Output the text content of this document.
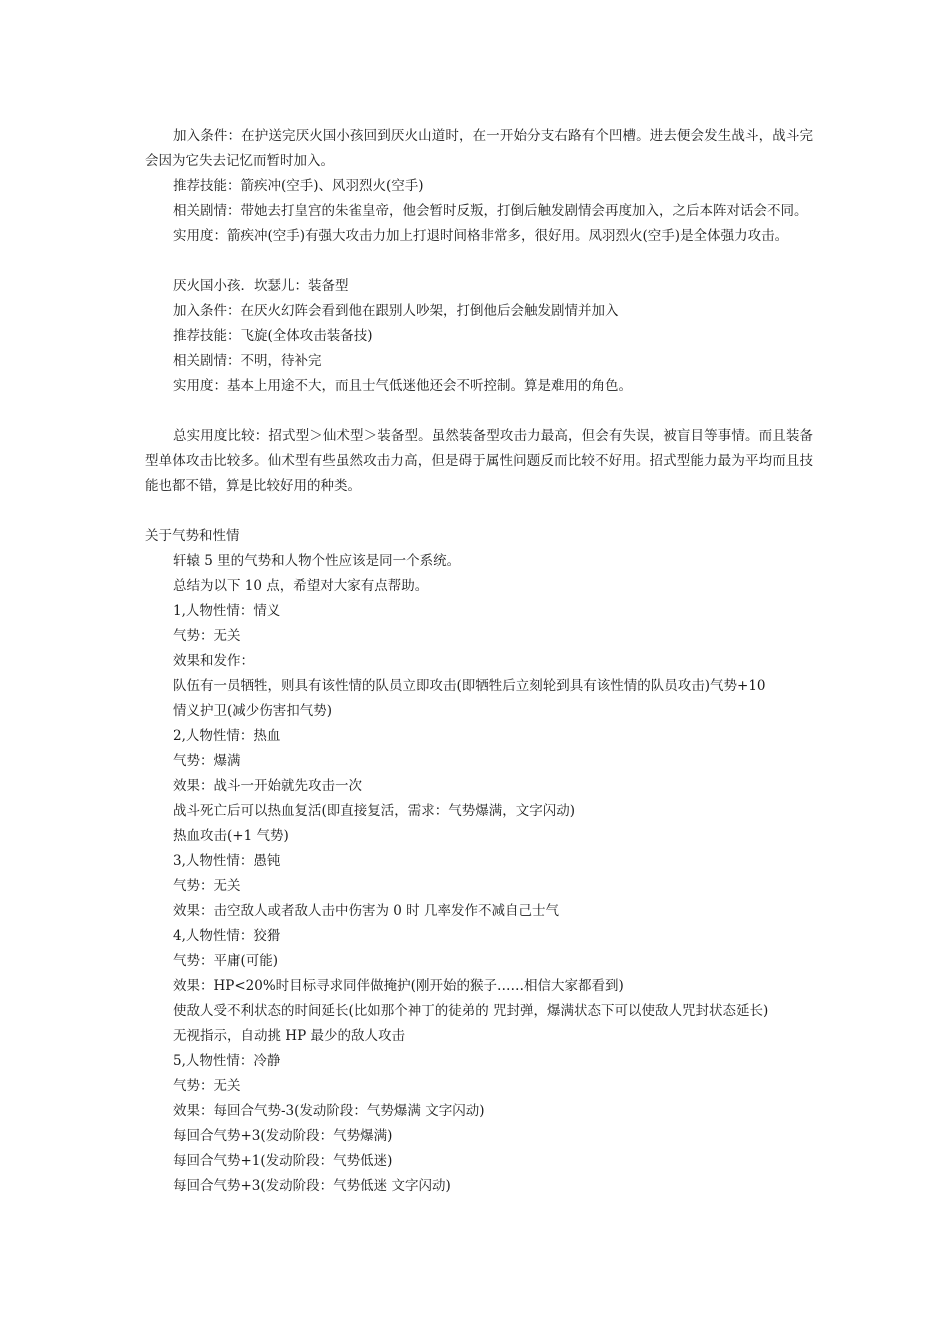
加入条件：在护送完厌火国小孩回到厌火山道时，在一开始分支右路有个凹槽。进去便会发生战斗，战斗完会因为它失去记忆而暂时加入。

推荐技能：箭疾冲(空手)、风羽烈火(空手)

相关剧情：带她去打皇宫的朱雀皇帝，他会暂时反叛，打倒后触发剧情会再度加入，之后本阵对话会不同。

实用度：箭疾冲(空手)有强大攻击力加上打退时间格非常多，很好用。凤羽烈火(空手)是全体强力攻击。

厌火国小孩．坎瑟儿：装备型

加入条件：在厌火幻阵会看到他在跟别人吵架，打倒他后会触发剧情并加入

推荐技能：飞旋(全体攻击装备技)

相关剧情：不明，待补完

实用度：基本上用途不大，而且士气低迷他还会不听控制。算是难用的角色。

总实用度比较：招式型＞仙术型＞装备型。虽然装备型攻击力最高，但会有失误，被盲目等事情。而且装备型单体攻击比较多。仙术型有些虽然攻击力高，但是碍于属性问题反而比较不好用。招式型能力最为平均而且技能也都不错，算是比较好用的种类。

关于气势和性情

轩辕 5 里的气势和人物个性应该是同一个系统。

总结为以下 10 点，希望对大家有点帮助。

1,人物性情：情义

气势：无关

效果和发作：

队伍有一员牺牲，则具有该性情的队员立即攻击(即牺牲后立刻轮到具有该性情的队员攻击)气势+10

情义护卫(减少伤害扣气势)

2,人物性情：热血

气势：爆满

效果：战斗一开始就先攻击一次

战斗死亡后可以热血复活(即直接复活，需求：气势爆满，文字闪动)

热血攻击(+1 气势)

3,人物性情：愚钝

气势：无关

效果：击空敌人或者敌人击中伤害为 0 时 几率发作不减自己士气

4,人物性情：狡猾

气势：平庸(可能)

效果：HP<20%时目标寻求同伴做掩护(刚开始的猴子……相信大家都看到)

使敌人受不利状态的时间延长(比如那个神丁的徒弟的 咒封弹，爆满状态下可以使敌人咒封状态延长)

无视指示，自动挑 HP 最少的敌人攻击

5,人物性情：冷静

气势：无关

效果：每回合气势-3(发动阶段：气势爆满 文字闪动)

每回合气势+3(发动阶段：气势爆满)

每回合气势+1(发动阶段：气势低迷)

每回合气势+3(发动阶段：气势低迷 文字闪动)
